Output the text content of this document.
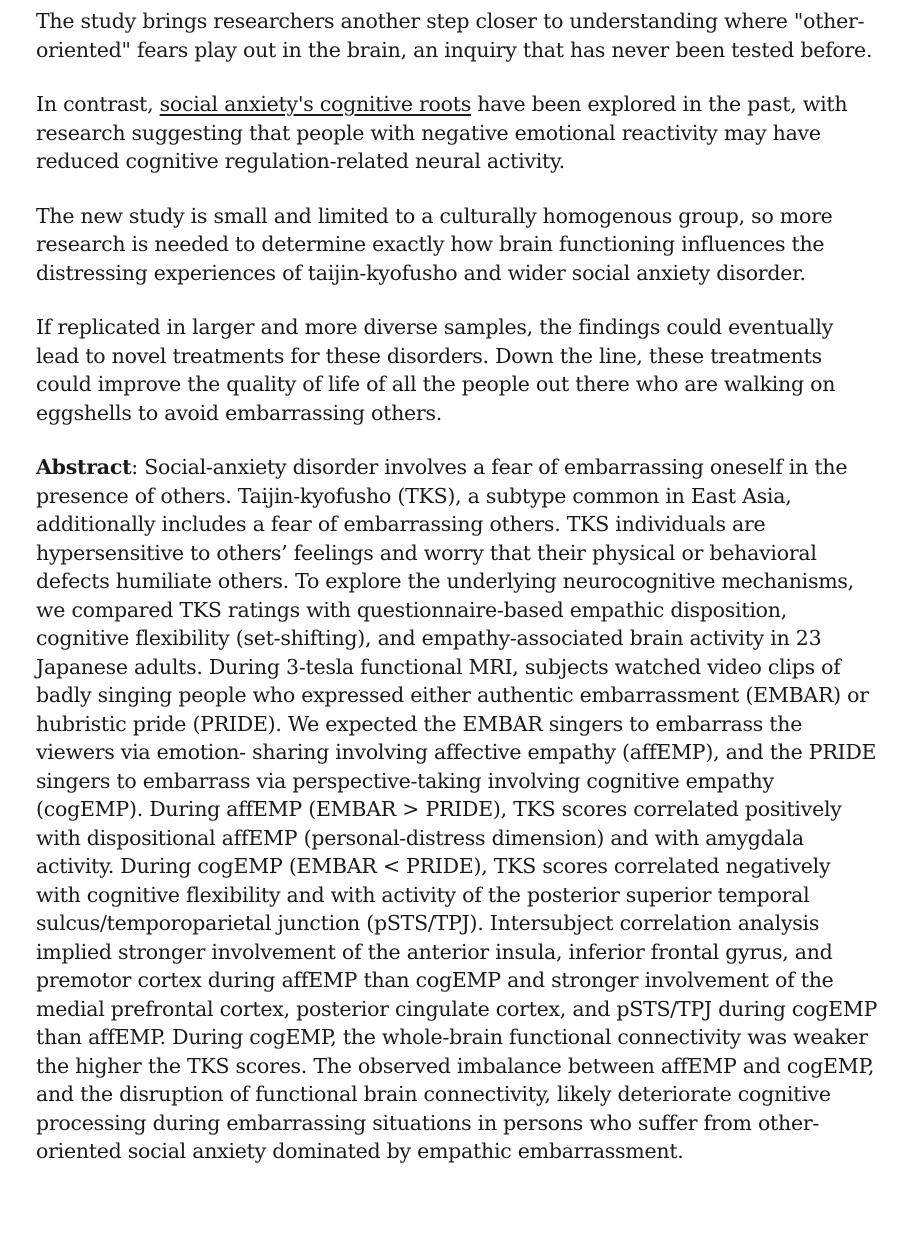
The study brings researchers another step closer to understanding where "other-oriented" fears play out in the brain, an inquiry that has never been tested before.

In contrast, social anxiety's cognitive roots have been explored in the past, with research suggesting that people with negative emotional reactivity may have reduced cognitive regulation-related neural activity.

The new study is small and limited to a culturally homogenous group, so more research is needed to determine exactly how brain functioning influences the distressing experiences of taijin-kyofusho and wider social anxiety disorder.

If replicated in larger and more diverse samples, the findings could eventually lead to novel treatments for these disorders. Down the line, these treatments could improve the quality of life of all the people out there who are walking on eggshells to avoid embarrassing others.

Abstract: Social-anxiety disorder involves a fear of embarrassing oneself in the presence of others. Taijin-kyofusho (TKS), a subtype common in East Asia, additionally includes a fear of embarrassing others. TKS individuals are hypersensitive to others’ feelings and worry that their physical or behavioral defects humiliate others. To explore the underlying neurocognitive mechanisms, we compared TKS ratings with questionnaire-based empathic disposition, cognitive flexibility (set-shifting), and empathy-associated brain activity in 23 Japanese adults. During 3-tesla functional MRI, subjects watched video clips of badly singing people who expressed either authentic embarrassment (EMBAR) or hubristic pride (PRIDE). We expected the EMBAR singers to embarrass the viewers via emotion- sharing involving affective empathy (affEMP), and the PRIDE singers to embarrass via perspective-taking involving cognitive empathy (cogEMP). During affEMP (EMBAR > PRIDE), TKS scores correlated positively with dispositional affEMP (personal-distress dimension) and with amygdala activity. During cogEMP (EMBAR < PRIDE), TKS scores correlated negatively with cognitive flexibility and with activity of the posterior superior temporal sulcus/temporoparietal junction (pSTS/TPJ). Intersubject correlation analysis implied stronger involvement of the anterior insula, inferior frontal gyrus, and premotor cortex during affEMP than cogEMP and stronger involvement of the medial prefrontal cortex, posterior cingulate cortex, and pSTS/TPJ during cogEMP than affEMP. During cogEMP, the whole-brain functional connectivity was weaker the higher the TKS scores. The observed imbalance between affEMP and cogEMP, and the disruption of functional brain connectivity, likely deteriorate cognitive processing during embarrassing situations in persons who suffer from other-oriented social anxiety dominated by empathic embarrassment.
